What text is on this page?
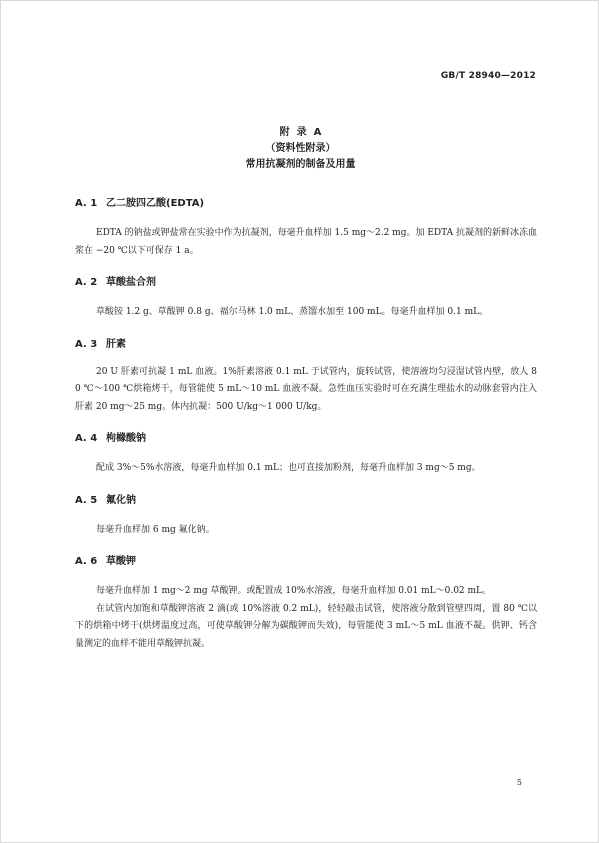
GB/T 28940—2012
附  录  A
（资料性附录）
常用抗凝剂的制备及用量
A. 1 乙二胺四乙酸(EDTA)

EDTA 的钠盐或钾盐常在实验中作为抗凝剂，每毫升血样加 1.5 mg～2.2 mg。加 EDTA 抗凝剂的新鲜冰冻血浆在 −20 ℃以下可保存 1 a。

A. 2 草酸盐合剂

草酸铵 1.2 g、草酸钾 0.8 g、福尔马林 1.0 mL、蒸馏水加至 100 mL。每毫升血样加 0.1 mL。

A. 3 肝素

20 U 肝素可抗凝 1 mL 血液。1%肝素溶液 0.1 mL 于试管内，旋转试管，使溶液均匀浸湿试管内壁，放人 80 ℃～100 ℃烘箱烤干，每管能使 5 mL～10 mL 血液不凝。急性血压实验时可在充满生理盐水的动脉套管内注入肝素 20 mg～25 mg。体内抗凝：500 U/kg～1 000 U/kg。

A. 4 枸橼酸钠

配成 3%～5%水溶液，每毫升血样加 0.1 mL；也可直接加粉剂，每毫升血样加 3 mg～5 mg。

A. 5 氟化钠

每毫升血样加 6 mg 氟化钠。

A. 6 草酸钾

每毫升血样加 1 mg～2 mg 草酸钾。或配置成 10%水溶液，每毫升血样加 0.01 mL～0.02 mL。

在试管内加饱和草酸钾溶液 2 滴(或 10%溶液 0.2 mL)，轻轻敲击试管，使溶液分散到管壁四周，置 80 ℃以下的烘箱中烤干(烘烤温度过高，可使草酸钾分解为碳酸钾而失效)，每管能使 3 mL～5 mL 血液不凝。供钾、钙含量测定的血样不能用草酸钾抗凝。

5
